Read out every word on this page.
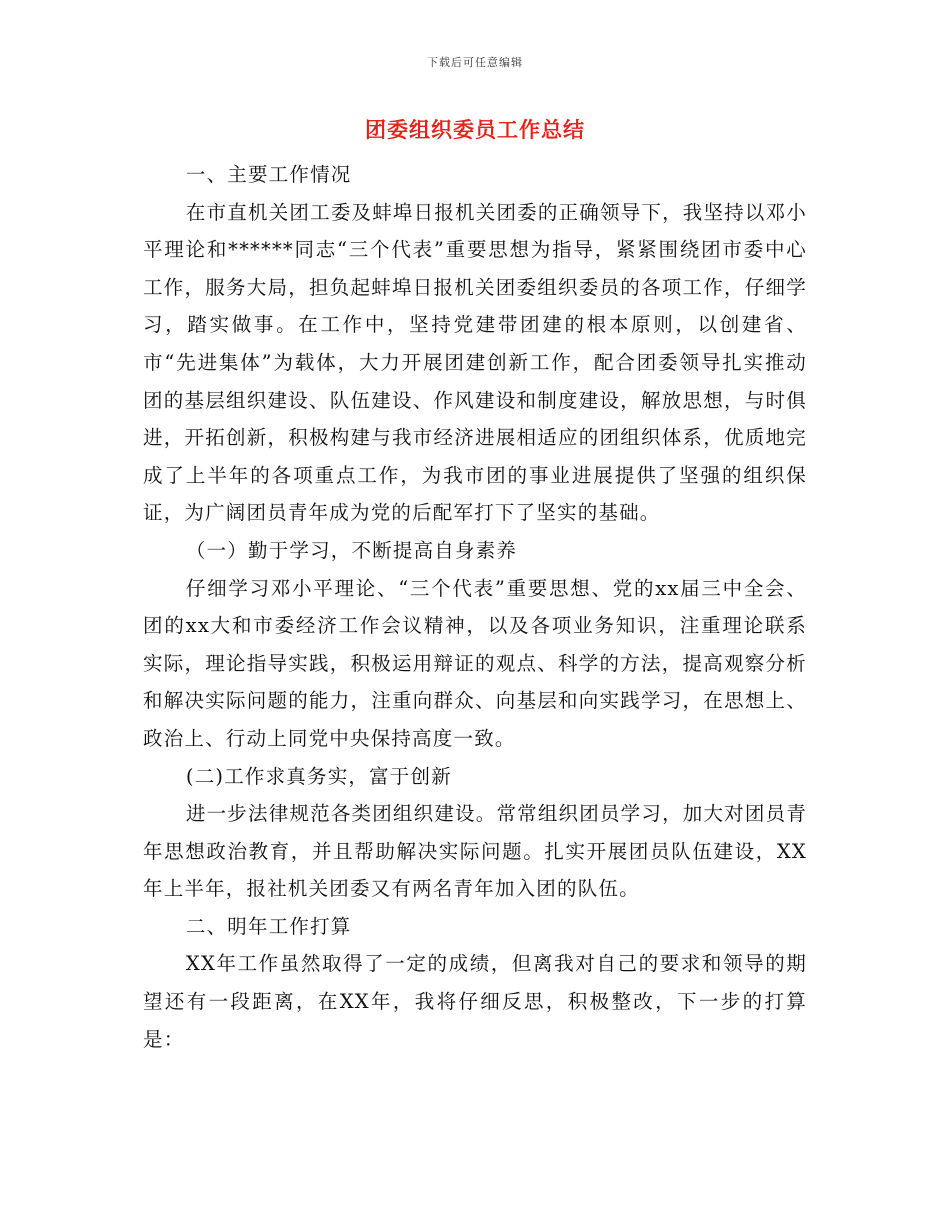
下载后可任意编辑
团委组织委员工作总结

一、主要工作情况

在市直机关团工委及蚌埠日报机关团委的正确领导下，我坚持以邓小平理论和******同志“三个代表”重要思想为指导，紧紧围绕团市委中心工作，服务大局，担负起蚌埠日报机关团委组织委员的各项工作，仔细学习，踏实做事。在工作中，坚持党建带团建的根本原则，以创建省、市“先进集体”为载体，大力开展团建创新工作，配合团委领导扎实推动团的基层组织建设、队伍建设、作风建设和制度建设，解放思想，与时俱进，开拓创新，积极构建与我市经济进展相适应的团组织体系，优质地完成了上半年的各项重点工作，为我市团的事业进展提供了坚强的组织保证，为广阔团员青年成为党的后配军打下了坚实的基础。

（一）勤于学习，不断提高自身素养

仔细学习邓小平理论、“三个代表”重要思想、党的xx届三中全会、团的xx大和市委经济工作会议精神，以及各项业务知识，注重理论联系实际，理论指导实践，积极运用辩证的观点、科学的方法，提高观察分析和解决实际问题的能力，注重向群众、向基层和向实践学习，在思想上、政治上、行动上同党中央保持高度一致。

(二)工作求真务实，富于创新

进一步法律规范各类团组织建设。常常组织团员学习，加大对团员青年思想政治教育，并且帮助解决实际问题。扎实开展团员队伍建设，XX年上半年，报社机关团委又有两名青年加入团的队伍。

二、明年工作打算

XX年工作虽然取得了一定的成绩，但离我对自己的要求和领导的期望还有一段距离，在XX年，我将仔细反思，积极整改，下一步的打算是：
